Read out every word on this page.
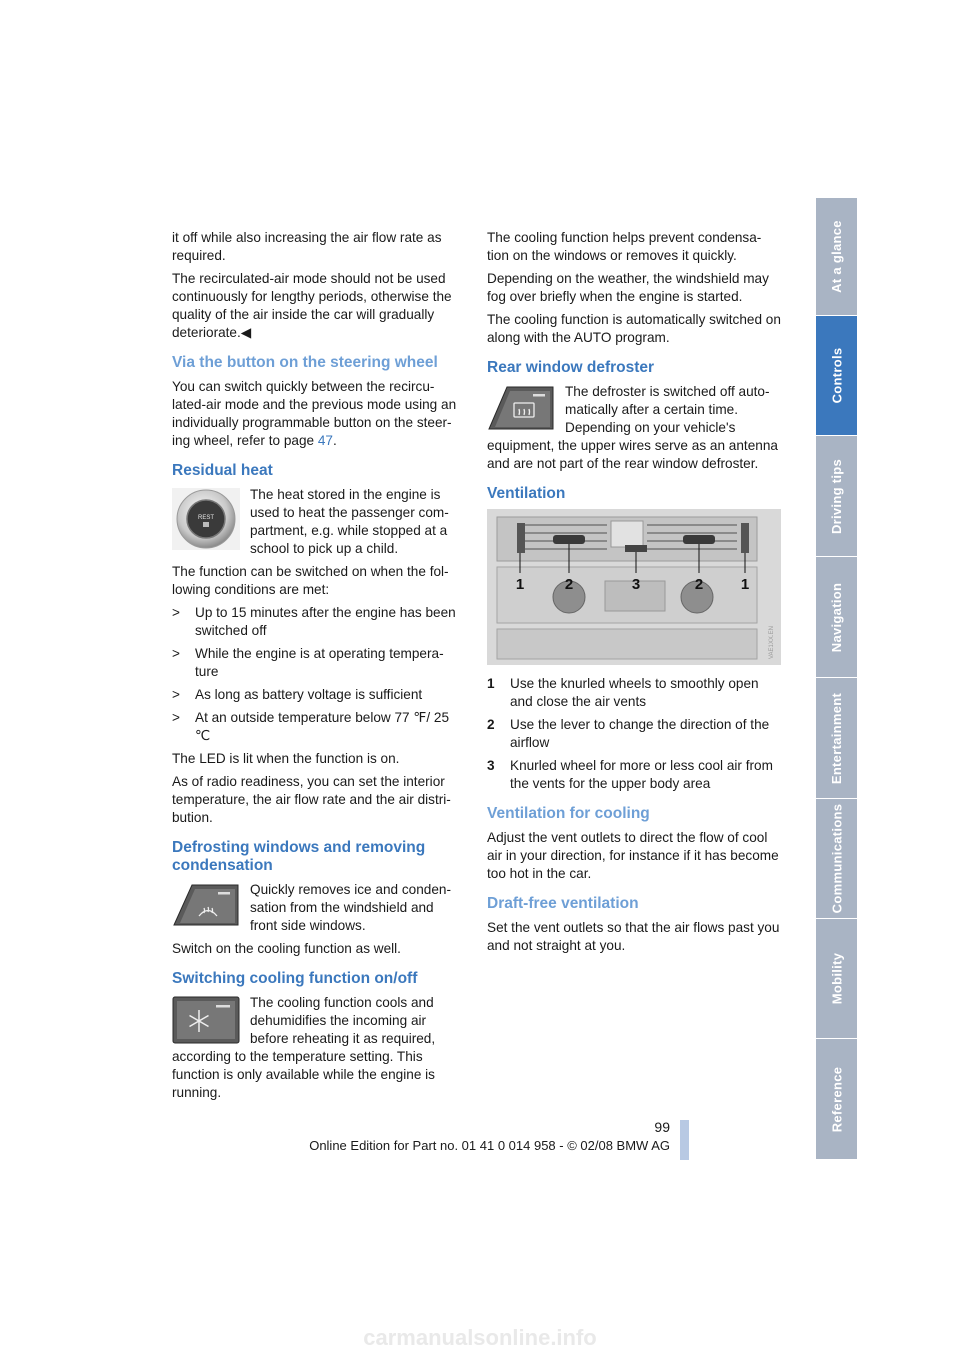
it off while also increasing the air flow rate as required.

The recirculated-air mode should not be used continuously for lengthy periods, otherwise the quality of the air inside the car will gradually deteriorate.◀

Via the button on the steering wheel

You can switch quickly between the recircu-lated-air mode and the previous mode using an individually programmable button on the steer-ing wheel, refer to page 47.

Residual heat
REST

The heat stored in the engine is used to heat the passenger com-partment, e.g. while stopped at a school to pick up a child.

The function can be switched on when the fol-lowing conditions are met:

> Up to 15 minutes after the engine has been switched off
> While the engine is at operating tempera-ture
> As long as battery voltage is sufficient
> At an outside temperature below 77 ℉/ 25 ℃

The LED is lit when the function is on.

As of radio readiness, you can set the interior temperature, the air flow rate and the air distri-bution.

Defrosting windows and removing condensation

Quickly removes ice and conden-sation from the windshield and front side windows.

Switch on the cooling function as well.

Switching cooling function on/off

The cooling function cools and dehumidifies the incoming air before reheating it as required, according to the temperature setting. This function is only available while the engine is running.

The cooling function helps prevent condensa-tion on the windows or removes it quickly.

Depending on the weather, the windshield may fog over briefly when the engine is started.

The cooling function is automatically switched on along with the AUTO program.

Rear window defroster

The defroster is switched off auto-matically after a certain time. Depending on your vehicle's equipment, the upper wires serve as an antenna and are not part of the rear window defroster.

Ventilation
1	2	3	2	1
VAE1XX.EN
1 Use the knurled wheels to smoothly open and close the air vents
2 Use the lever to change the direction of the airflow
3 Knurled wheel for more or less cool air from the vents for the upper body area
Ventilation for cooling

Adjust the vent outlets to direct the flow of cool air in your direction, for instance if it has become too hot in the car.

Draft-free ventilation

Set the vent outlets so that the air flows past you and not straight at you.

At a glance
Controls
Driving tips
Navigation
Entertainment
Communications
Mobility
Reference
99
Online Edition for Part no. 01 41 0 014 958 - © 02/08 BMW AG
carmanualsonline.info
